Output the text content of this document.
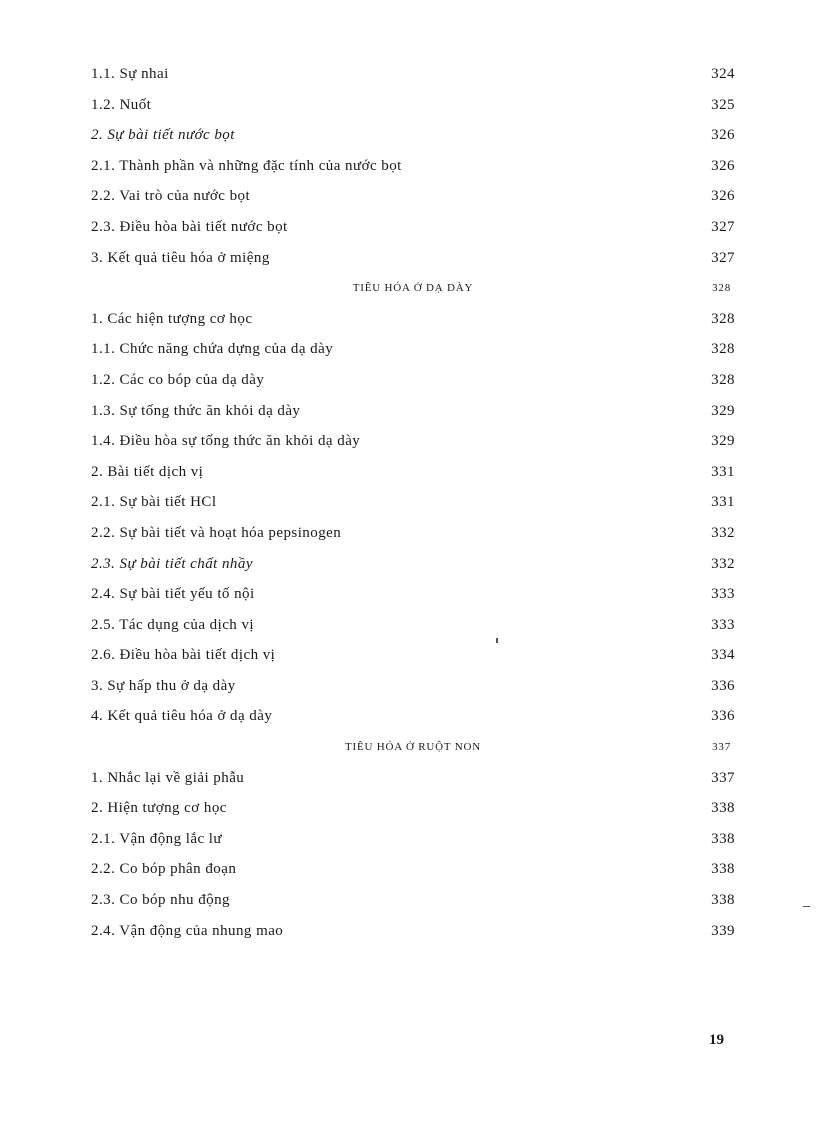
1.1. Sự nhai	324
1.2. Nuốt	325
2. Sự bài tiết nước bọt	326
2.1. Thành phần và những đặc tính của nước bọt	326
2.2. Vai trò của nước bọt	326
2.3. Điều hòa bài tiết nước bọt	327
3. Kết quả tiêu hóa ở miệng	327
TIÊU HÓA Ở DẠ DÀY	328
1. Các hiện tượng cơ học	328
1.1. Chức năng chứa dựng của dạ dày	328
1.2. Các co bóp của dạ dày	328
1.3. Sự tống thức ăn khỏi dạ dày	329
1.4. Điều hòa sự tống thức ăn khỏi dạ dày	329
2. Bài tiết dịch vị	331
2.1. Sự bài tiết HCl	331
2.2. Sự bài tiết và hoạt hóa pepsinogen	332
2.3. Sự bài tiết chất nhầy	332
2.4. Sự bài tiết yếu tố nội	333
2.5. Tác dụng của dịch vị	333
2.6. Điều hòa bài tiết dịch vị	334
3. Sự hấp thu ở dạ dày	336
4. Kết quả tiêu hóa ở dạ dày	336
TIÊU HÓA Ở RUỘT NON	337
1. Nhắc lại về giải phẫu	337
2. Hiện tượng cơ học	338
2.1. Vận động lắc lư	338
2.2. Co bóp phân đoạn	338
2.3. Co bóp nhu động	338
2.4. Vận động của nhung mao	339
19
